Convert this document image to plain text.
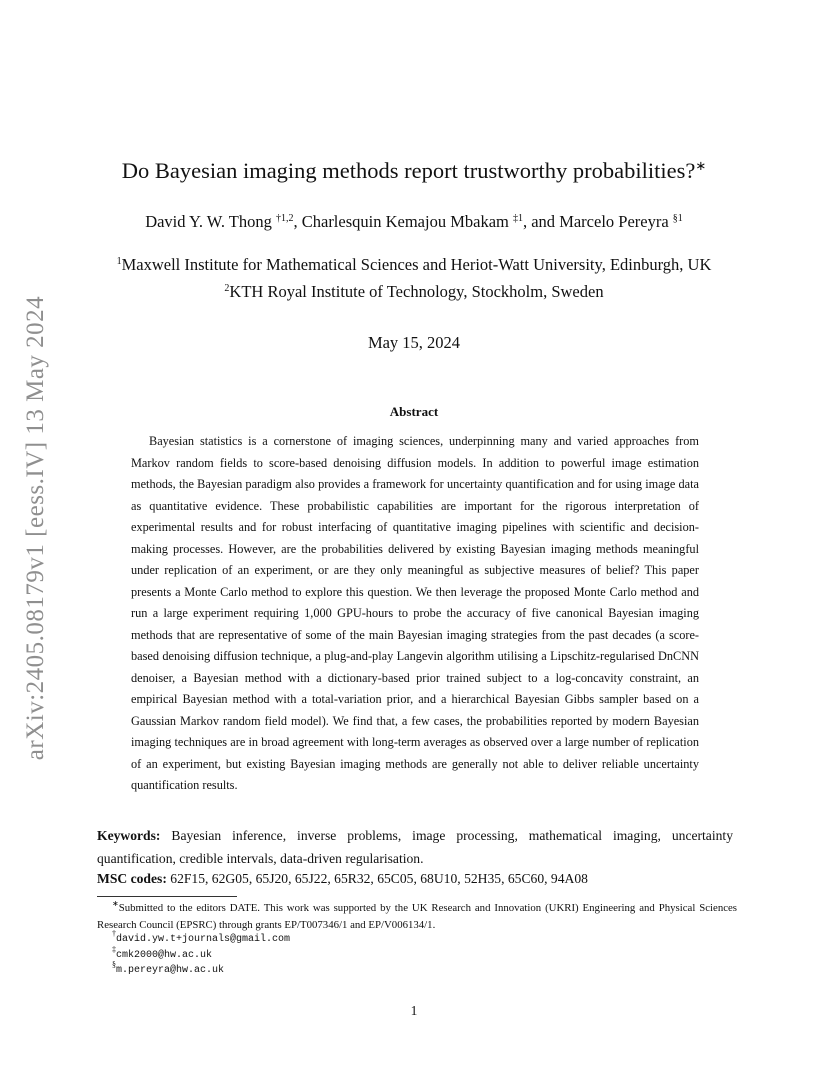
arXiv:2405.08179v1 [eess.IV] 13 May 2024
Do Bayesian imaging methods report trustworthy probabilities?∗
David Y. W. Thong $^{\dagger 1,2}$, Charlesquin Kemajou Mbakam $^{\ddagger 1}$, and Marcelo Pereyra $^{\S 1}$
$^1$Maxwell Institute for Mathematical Sciences and Heriot-Watt University, Edinburgh, UK
$^2$KTH Royal Institute of Technology, Stockholm, Sweden
May 15, 2024
Abstract

Bayesian statistics is a cornerstone of imaging sciences, underpinning many and varied approaches from Markov random fields to score-based denoising diffusion models. In addition to powerful image estimation methods, the Bayesian paradigm also provides a framework for uncertainty quantification and for using image data as quantitative evidence. These probabilistic capabilities are important for the rigorous interpretation of experimental results and for robust interfacing of quantitative imaging pipelines with scientific and decision-making processes. However, are the probabilities delivered by existing Bayesian imaging methods meaningful under replication of an experiment, or are they only meaningful as subjective measures of belief? This paper presents a Monte Carlo method to explore this question. We then leverage the proposed Monte Carlo method and run a large experiment requiring 1,000 GPU-hours to probe the accuracy of five canonical Bayesian imaging methods that are representative of some of the main Bayesian imaging strategies from the past decades (a score-based denoising diffusion technique, a plug-and-play Langevin algorithm utilising a Lipschitz-regularised DnCNN denoiser, a Bayesian method with a dictionary-based prior trained subject to a log-concavity constraint, an empirical Bayesian method with a total-variation prior, and a hierarchical Bayesian Gibbs sampler based on a Gaussian Markov random field model). We find that, a few cases, the probabilities reported by modern Bayesian imaging techniques are in broad agreement with long-term averages as observed over a large number of replication of an experiment, but existing Bayesian imaging methods are generally not able to deliver reliable uncertainty quantification results.

Keywords: Bayesian inference, inverse problems, image processing, mathematical imaging, uncertainty quantification, credible intervals, data-driven regularisation.

MSC codes: 62F15, 62G05, 65J20, 65J22, 65R32, 65C05, 68U10, 52H35, 65C60, 94A08

∗Submitted to the editors DATE. This work was supported by the UK Research and Innovation (UKRI) Engineering and Physical Sciences Research Council (EPSRC) through grants EP/T007346/1 and EP/V006134/1.

†david.yw.t+journals@gmail.com
‡cmk2000@hw.ac.uk
§m.pereyra@hw.ac.uk
1
